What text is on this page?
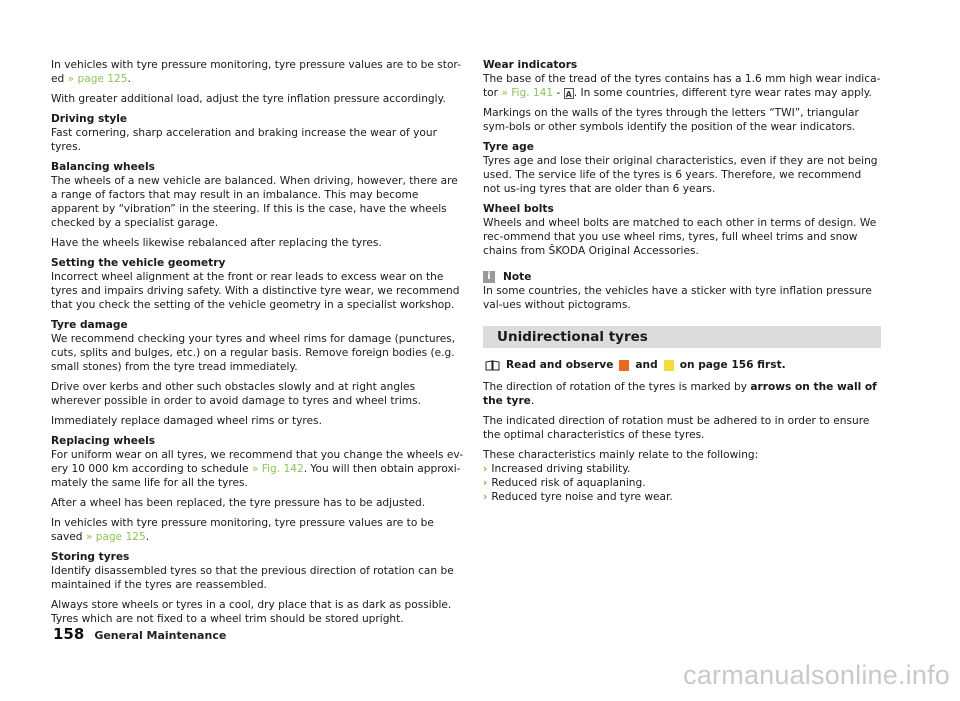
In vehicles with tyre pressure monitoring, tyre pressure values are to be stor-ed » page 125.

With greater additional load, adjust the tyre inflation pressure accordingly.

Driving style
Fast cornering, sharp acceleration and braking increase the wear of your tyres.

Balancing wheels
The wheels of a new vehicle are balanced. When driving, however, there are a range of factors that may result in an imbalance. This may become apparent by “vibration” in the steering. If this is the case, have the wheels checked by a specialist garage.

Have the wheels likewise rebalanced after replacing the tyres.

Setting the vehicle geometry
Incorrect wheel alignment at the front or rear leads to excess wear on the tyres and impairs driving safety. With a distinctive tyre wear, we recommend that you check the setting of the vehicle geometry in a specialist workshop.

Tyre damage
We recommend checking your tyres and wheel rims for damage (punctures, cuts, splits and bulges, etc.) on a regular basis. Remove foreign bodies (e.g. small stones) from the tyre tread immediately.

Drive over kerbs and other such obstacles slowly and at right angles wherever possible in order to avoid damage to tyres and wheel trims.

Immediately replace damaged wheel rims or tyres.

Replacing wheels
For uniform wear on all tyres, we recommend that you change the wheels ev-ery 10 000 km according to schedule » Fig. 142. You will then obtain approxi-mately the same life for all the tyres.

After a wheel has been replaced, the tyre pressure has to be adjusted.

In vehicles with tyre pressure monitoring, tyre pressure values are to be saved » page 125.

Storing tyres
Identify disassembled tyres so that the previous direction of rotation can be maintained if the tyres are reassembled.

Always store wheels or tyres in a cool, dry place that is as dark as possible. Tyres which are not fixed to a wheel trim should be stored upright.

Wear indicators
The base of the tread of the tyres contains has a 1.6 mm high wear indica-tor » Fig. 141 - A . In some countries, different tyre wear rates may apply.

Markings on the walls of the tyres through the letters “TWI”, triangular sym-bols or other symbols identify the position of the wear indicators.

Tyre age
Tyres age and lose their original characteristics, even if they are not being used. The service life of the tyres is 6 years. Therefore, we recommend not us-ing tyres that are older than 6 years.

Wheel bolts
Wheels and wheel bolts are matched to each other in terms of design. We rec-ommend that you use wheel rims, tyres, full wheel trims and snow chains from ŠKODA Original Accessories.

i	Note

In some countries, the vehicles have a sticker with tyre inflation pressure val-ues without pictograms.

Unidirectional tyres
Read and observe and on page 156 first.

The direction of rotation of the tyres is marked by arrows on the wall of the tyre.

The indicated direction of rotation must be adhered to in order to ensure the optimal characteristics of these tyres.

These characteristics mainly relate to the following:

› Increased driving stability.
› Reduced risk of aquaplaning.
› Reduced tyre noise and tyre wear.
158 General Maintenance
carmanualsonline.info
